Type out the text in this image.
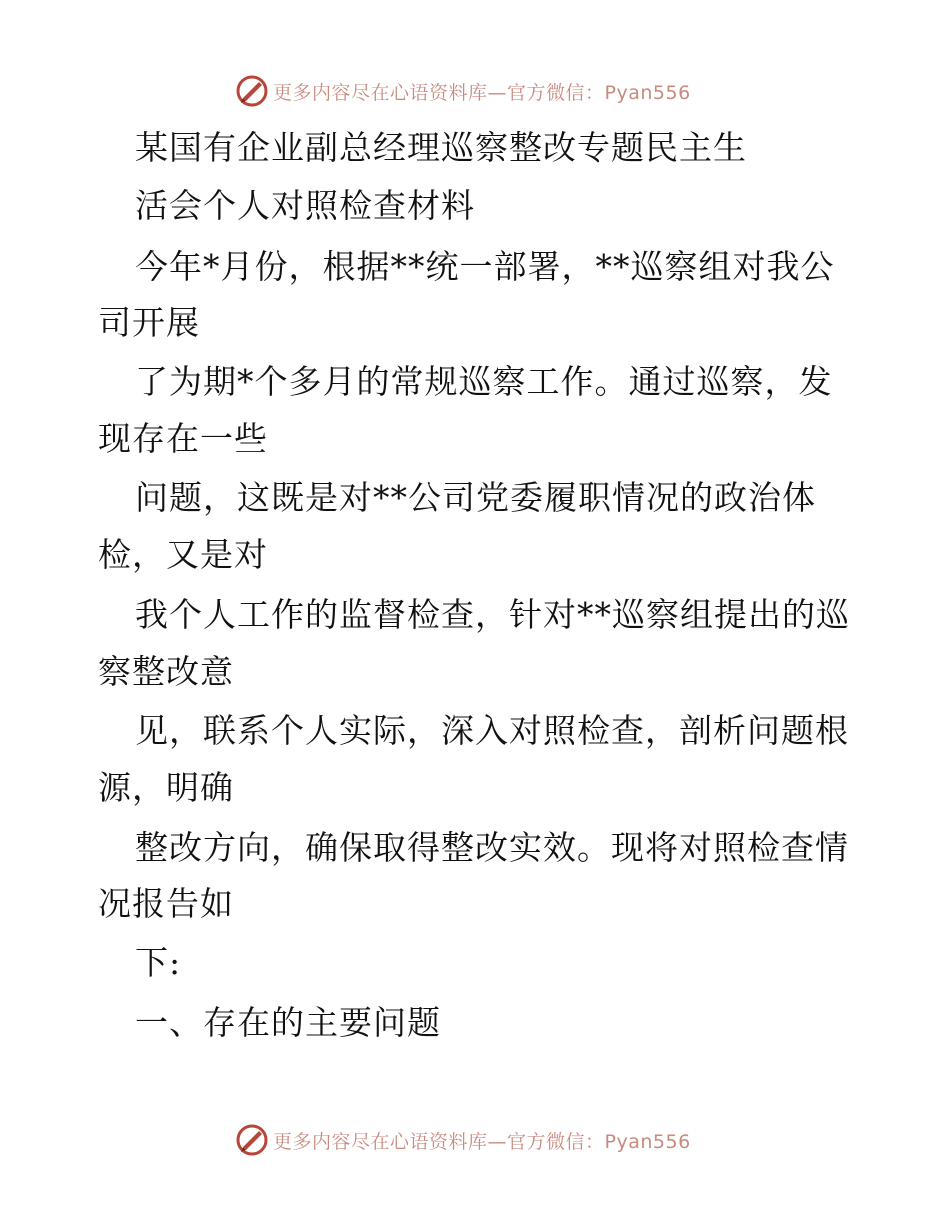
更多内容尽在心语资料库—官方微信：Pyan556
某国有企业副总经理巡察整改专题民主生
活会个人对照检查材料
今年*月份，根据**统一部署，**巡察组对我公
司开展
了为期*个多月的常规巡察工作。通过巡察，发
现存在一些
问题，这既是对**公司党委履职情况的政治体
检，又是对
我个人工作的监督检查，针对**巡察组提出的巡
察整改意
见，联系个人实际，深入对照检查，剖析问题根
源，明确
整改方向，确保取得整改实效。现将对照检查情
况报告如
下:
一、存在的主要问题
更多内容尽在心语资料库—官方微信：Pyan556
